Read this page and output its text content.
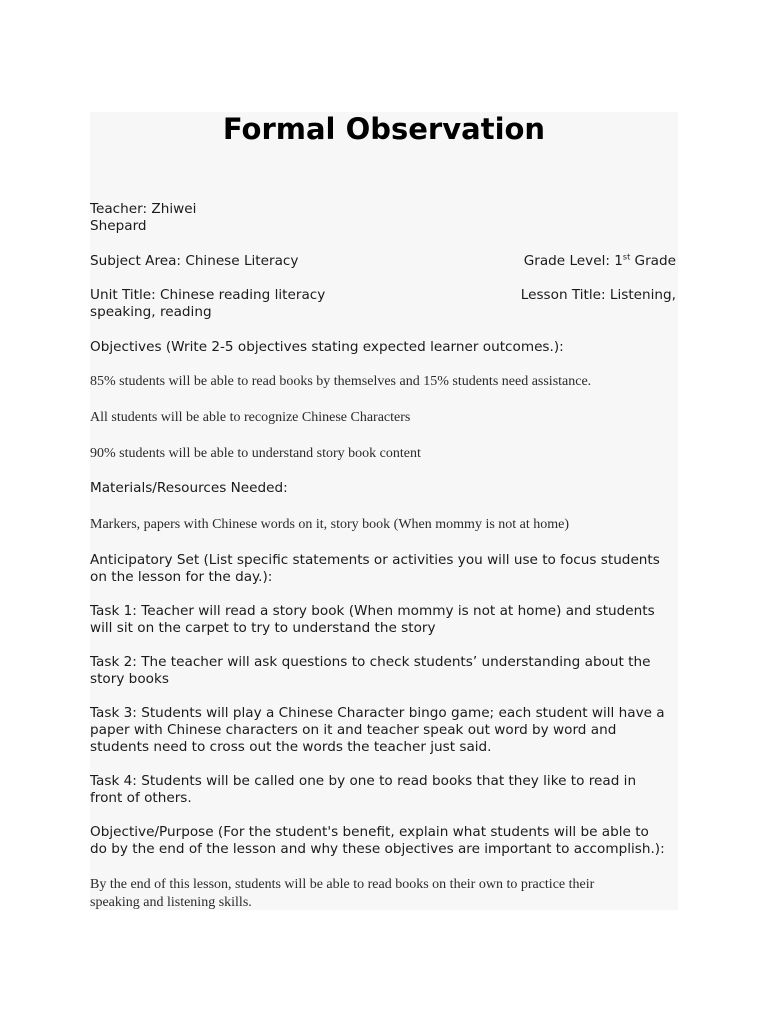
Formal Observation
Teacher: Zhiwei
Shepard
Subject Area: Chinese Literacy	Grade Level: 1st Grade
Unit Title: Chinese reading literacy	Lesson Title: Listening,
speaking, reading
Objectives (Write 2-5 objectives stating expected learner outcomes.):
85% students will be able to read books by themselves and 15% students need assistance.
All students will be able to recognize Chinese Characters
90% students will be able to understand story book content
Materials/Resources Needed:
Markers, papers with Chinese words on it, story book (When mommy is not at home)
Anticipatory Set (List specific statements or activities you will use to focus students
on the lesson for the day.):
Task 1: Teacher will read a story book (When mommy is not at home) and students
will sit on the carpet to try to understand the story
Task 2: The teacher will ask questions to check students’ understanding about the
story books
Task 3: Students will play a Chinese Character bingo game; each student will have a
paper with Chinese characters on it and teacher speak out word by word and
students need to cross out the words the teacher just said.
Task 4: Students will be called one by one to read books that they like to read in
front of others.
Objective/Purpose (For the student's benefit, explain what students will be able to
do by the end of the lesson and why these objectives are important to accomplish.):
By the end of this lesson, students will be able to read books on their own to practice their
speaking and listening skills.
